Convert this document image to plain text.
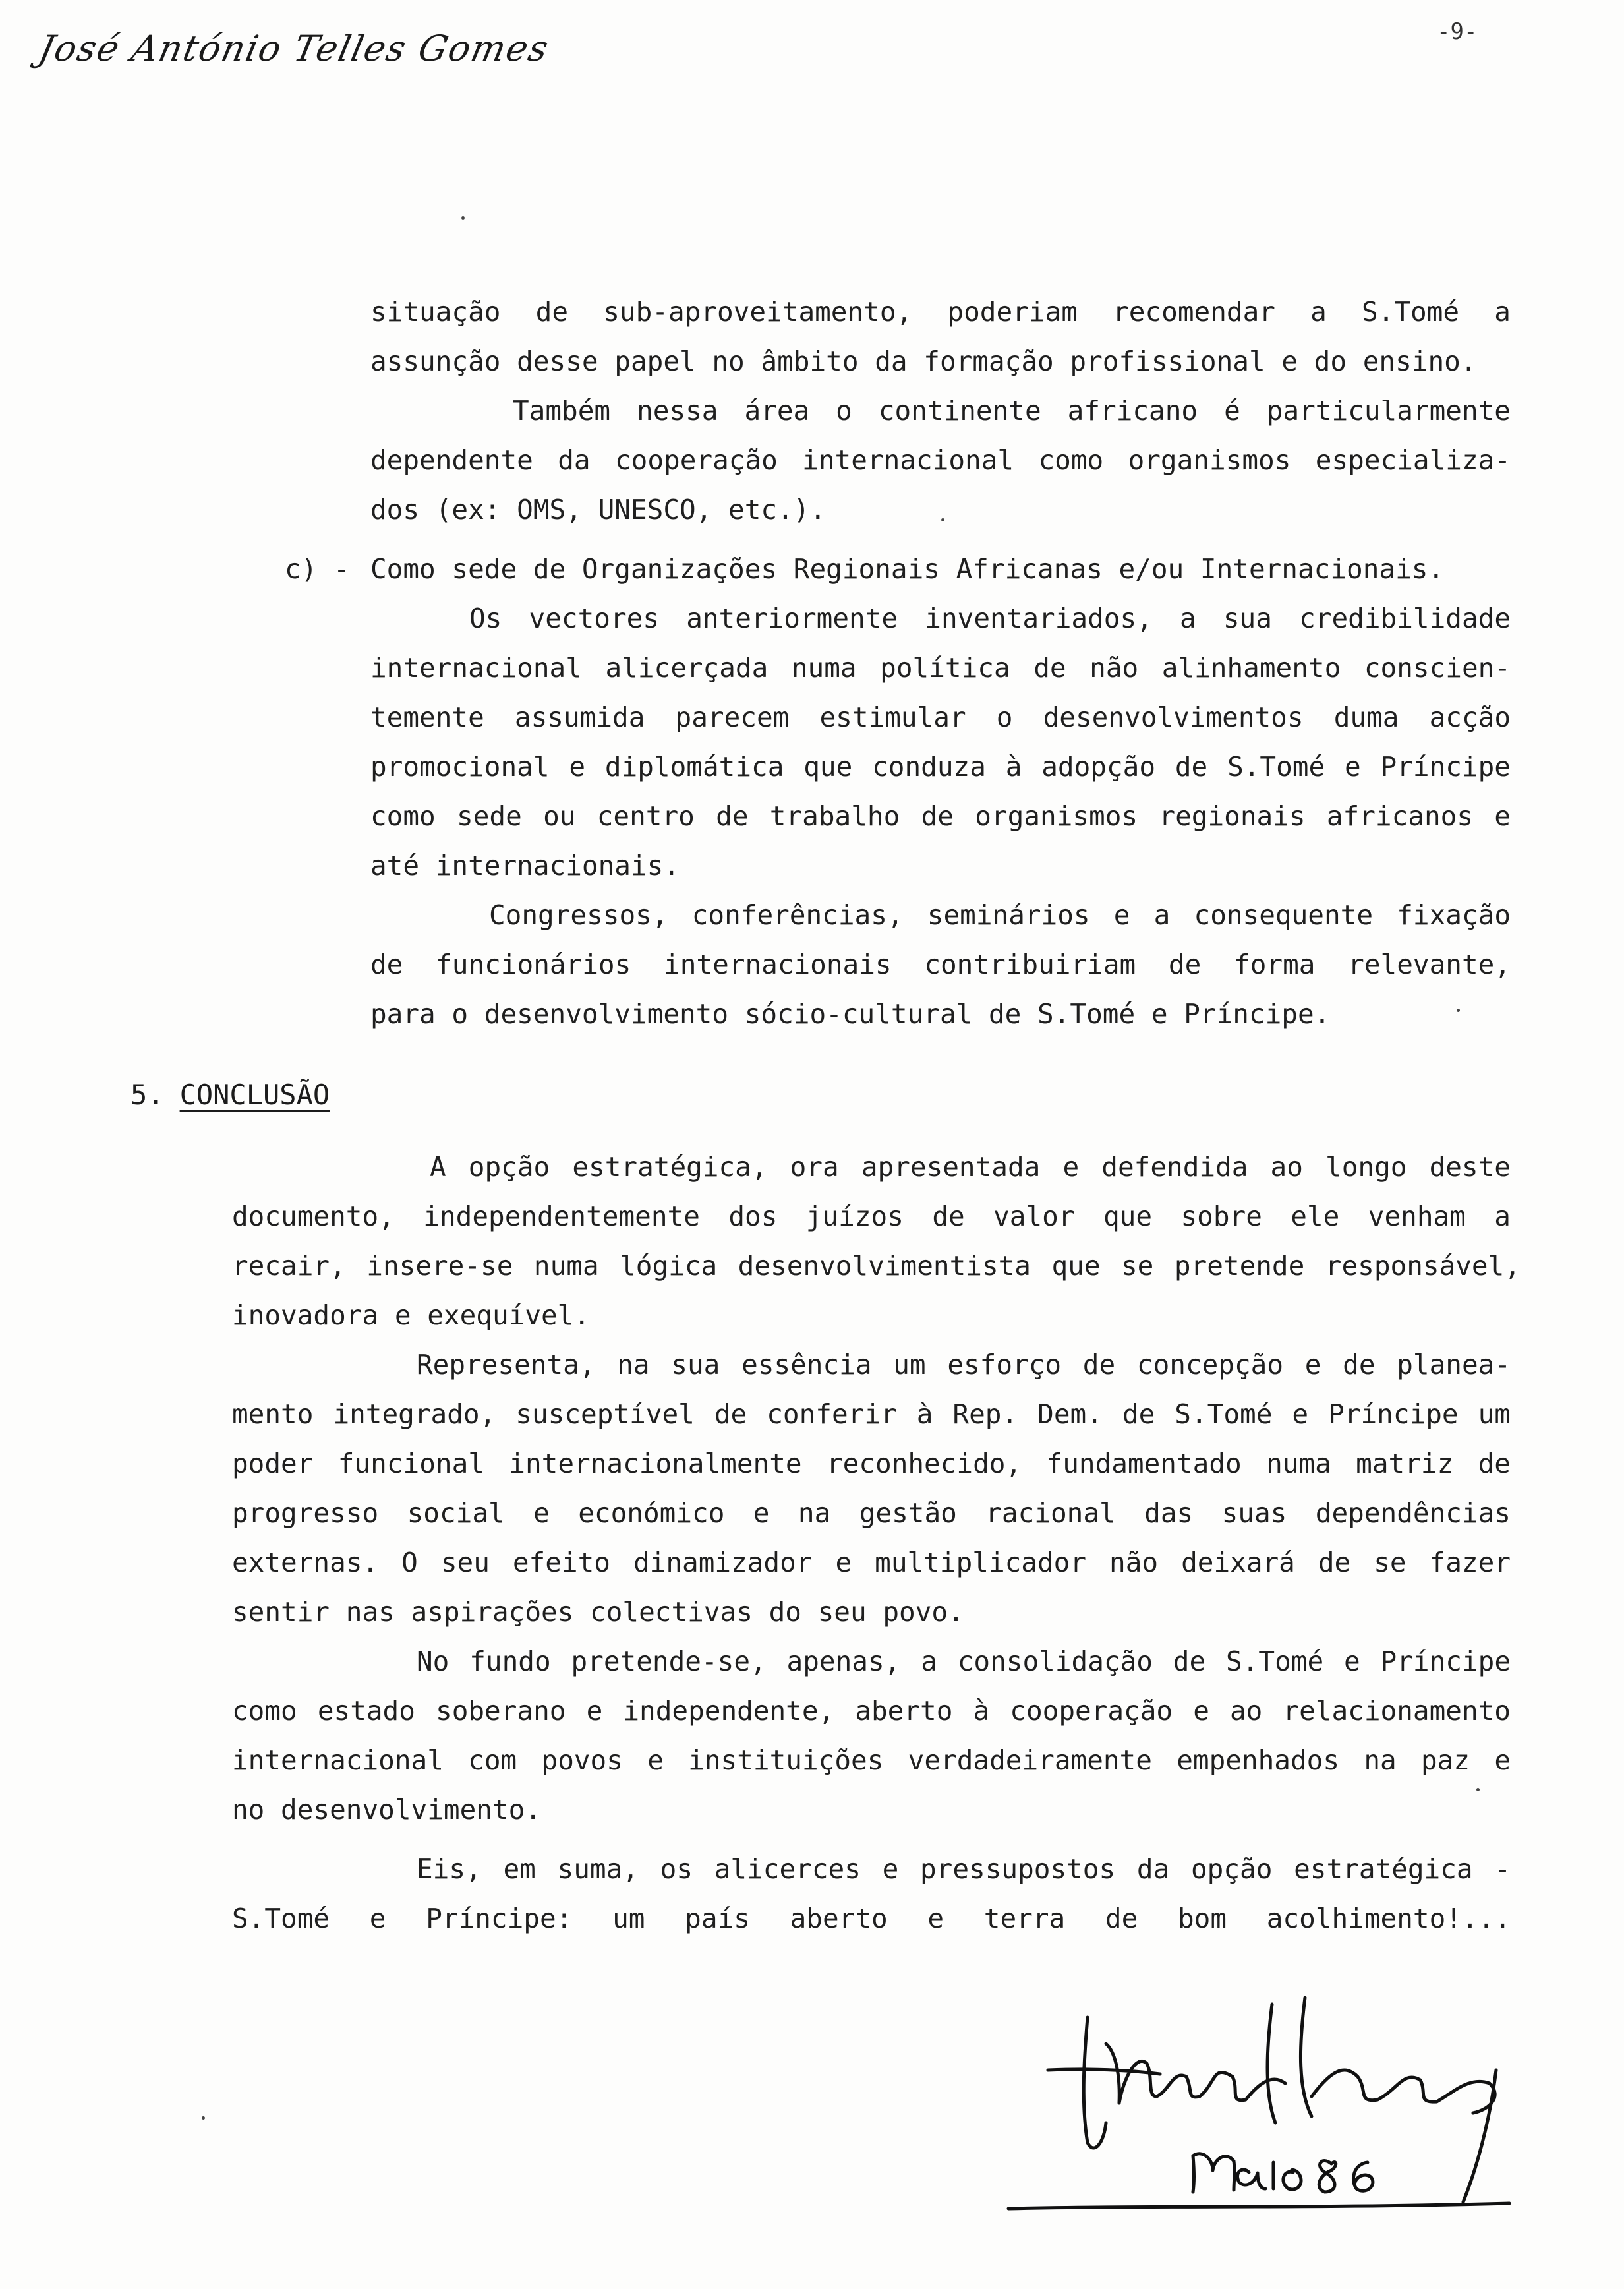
José António Telles Gomes	-9-
situação de sub-aproveitamento, poderiam recomendar a S.Tomé a
assunção desse papel no âmbito da formação profissional e do ensino.
Também nessa área o continente africano é particularmente
dependente da cooperação internacional como organismos especializa-
dos (ex: OMS, UNESCO, etc.).
c) - Como sede de Organizações Regionais Africanas e/ou Internacionais.
Os vectores anteriormente inventariados, a sua credibilidade
internacional alicerçada numa política de não alinhamento conscien-
temente assumida parecem estimular o desenvolvimentos duma acção
promocional e diplomática que conduza à adopção de S.Tomé e Príncipe
como sede ou centro de trabalho de organismos regionais africanos e
até internacionais.
Congressos, conferências, seminários e a consequente fixação
de funcionários internacionais contribuiriam de forma relevante,
para o desenvolvimento sócio-cultural de S.Tomé e Príncipe.
5. CONCLUSÃO
A opção estratégica, ora apresentada e defendida ao longo deste
documento, independentemente dos juízos de valor que sobre ele venham a
recair, insere-se numa lógica desenvolvimentista que se pretende responsável,
inovadora e exequível.
Representa, na sua essência um esforço de concepção e de planea-
mento integrado, susceptível de conferir à Rep. Dem. de S.Tomé e Príncipe um
poder funcional internacionalmente reconhecido, fundamentado numa matriz de
progresso social e económico e na gestão racional das suas dependências
externas. O seu efeito dinamizador e multiplicador não deixará de se fazer
sentir nas aspirações colectivas do seu povo.
No fundo pretende-se, apenas, a consolidação de S.Tomé e Príncipe
como estado soberano e independente, aberto à cooperação e ao relacionamento
internacional com povos e instituições verdadeiramente empenhados na paz e
no desenvolvimento.
Eis, em suma, os alicerces e pressupostos da opção estratégica -
S.Tomé e Príncipe: um país aberto e terra de bom acolhimento!...
Maio 86
